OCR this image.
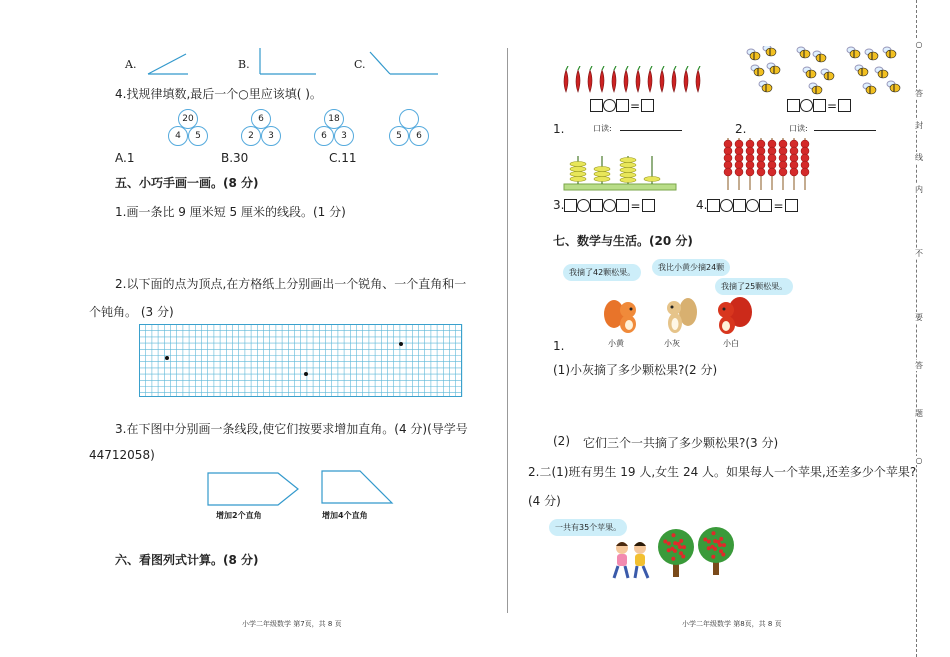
A.	B.	C.
4.找规律填数,最后一个○里应该填( )。
20
4	5
6
2	3
18
6	3	5	6
A.1	B.30	C.11
五、小巧手画一画。(8 分)
1.画一条比 9 厘米短 5 厘米的线段。(1 分)
2.以下面的点为顶点,在方格纸上分别画出一个锐角、一个直角和一
个钝角。 (3 分)
3.在下图中分别画一条线段,使它们按要求增加直角。(4 分)(导学号
44712058)
增加2个直角	增加4个直角
六、看图列式计算。(8 分)
小学二年级数学 第7页，共 8 页
=	=
1.	口读:	2.	口读:
3.	=	4.	=
七、数学与生活。(20 分)
我摘了42颗松果。
我比小黄少摘24颗
我摘了25颗松果。
小黄	小灰	小白
1.
(1)小灰摘了多少颗松果?(2 分)
(2) 它们三个一共摘了多少颗松果?(3 分)
2.二(1)班有男生 19 人,女生 24 人。如果每人一个苹果,还差多少个苹果?
(4 分)
一共有35个苹果。
小学二年级数学 第8页，共 8 页
○
答
封
线
内
不
要
答
题
○
